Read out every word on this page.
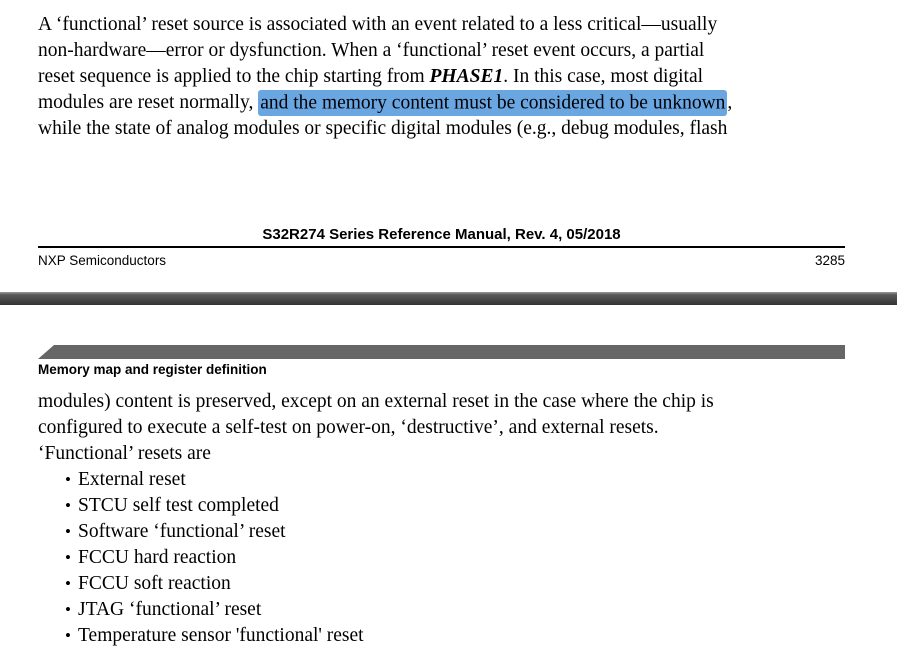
A ‘functional’ reset source is associated with an event related to a less critical—usually
non-hardware—error or dysfunction. When a ‘functional’ reset event occurs, a partial
reset sequence is applied to the chip starting from PHASE1. In this case, most digital
modules are reset normally, and the memory content must be considered to be unknown ,
while the state of analog modules or specific digital modules (e.g., debug modules, flash
S32R274 Series Reference Manual, Rev. 4, 05/2018
NXP Semiconductors	3285
Memory map and register definition
modules) content is preserved, except on an external reset in the case where the chip is
configured to execute a self-test on power-on, ‘destructive’, and external resets.
‘Functional’ resets are
• External reset
• STCU self test completed
• Software ‘functional’ reset
• FCCU hard reaction
• FCCU soft reaction
• JTAG ‘functional’ reset
• Temperature sensor 'functional' reset
